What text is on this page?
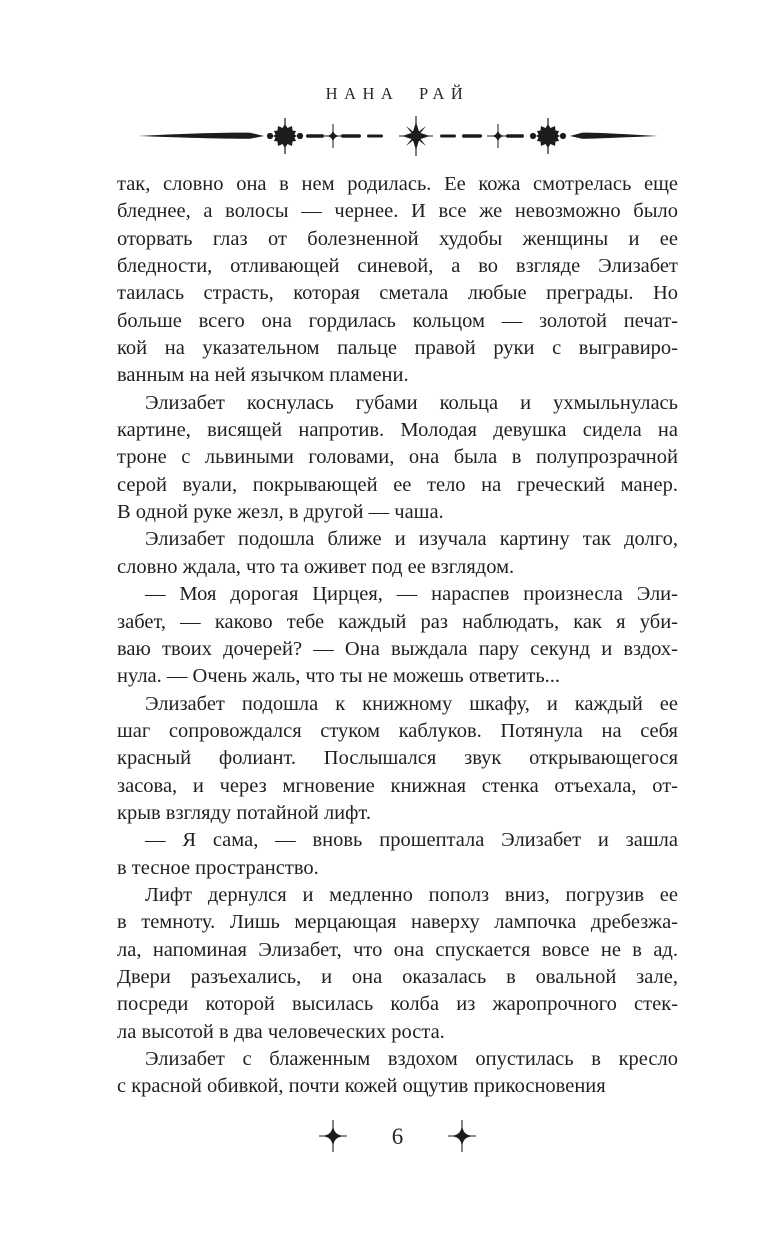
НАНА РАЙ

так, словно она в нем родилась. Ее кожа смотрелась еще
бледнее, а волосы — чернее. И все же невозможно было
оторвать глаз от болезненной худобы женщины и ее
бледности, отливающей синевой, а во взгляде Элизабет
таилась страсть, которая сметала любые преграды. Но
больше всего она гордилась кольцом — золотой печат-
кой на указательном пальце правой руки с выгравиро-
ванным на ней язычком пламени.

Элизабет коснулась губами кольца и ухмыльнулась
картине, висящей напротив. Молодая девушка сидела на
троне с львиными головами, она была в полупрозрачной
серой вуали, покрывающей ее тело на греческий манер.
В одной руке жезл, в другой — чаша.

Элизабет подошла ближе и изучала картину так долго,
словно ждала, что та оживет под ее взглядом.

— Моя дорогая Цирцея, — нараспев произнесла Эли-
забет, — каково тебе каждый раз наблюдать, как я уби-
ваю твоих дочерей? — Она выждала пару секунд и вздох-
нула. — Очень жаль, что ты не можешь ответить...

Элизабет подошла к книжному шкафу, и каждый ее
шаг сопровождался стуком каблуков. Потянула на себя
красный фолиант. Послышался звук открывающегося
засова, и через мгновение книжная стенка отъехала, от-
крыв взгляду потайной лифт.

— Я сама, — вновь прошептала Элизабет и зашла
в тесное пространство.

Лифт дернулся и медленно пополз вниз, погрузив ее
в темноту. Лишь мерцающая наверху лампочка дребезжа-
ла, напоминая Элизабет, что она спускается вовсе не в ад.
Двери разъехались, и она оказалась в овальной зале,
посреди которой высилась колба из жаропрочного стек-
ла высотой в два человеческих роста.

Элизабет с блаженным вздохом опустилась в кресло
с красной обивкой, почти кожей ощутив прикосновения

6
